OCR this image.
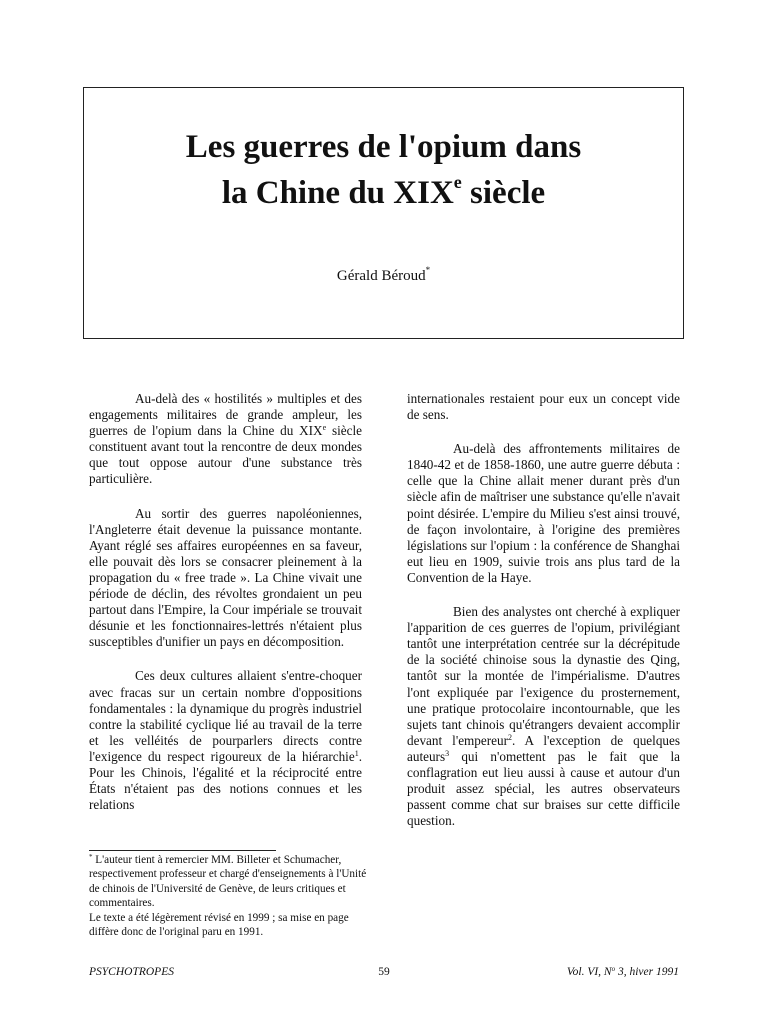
Les guerres de l'opium dans
la Chine du XIXe siècle
Gérald Béroud*

Au-delà des « hostilités » multiples et des engagements militaires de grande ampleur, les guerres de l'opium dans la Chine du XIXe siècle constituent avant tout la rencontre de deux mondes que tout oppose autour d'une substance très particulière.

Au sortir des guerres napoléoniennes, l'Angleterre était devenue la puissance montante. Ayant réglé ses affaires européennes en sa faveur, elle pouvait dès lors se consacrer pleinement à la propagation du « free trade ». La Chine vivait une période de déclin, des révoltes grondaient un peu partout dans l'Empire, la Cour impériale se trouvait désunie et les fonctionnaires-lettrés n'étaient plus susceptibles d'unifier un pays en décomposition.

Ces deux cultures allaient s'entre-choquer avec fracas sur un certain nombre d'oppositions fondamentales : la dynamique du progrès industriel contre la stabilité cyclique lié au travail de la terre et les velléités de pourparlers directs contre l'exigence du respect rigoureux de la hiérarchie$^1$. Pour les Chinois, l'égalité et la réciprocité entre États n'étaient pas des notions connues et les relations

internationales restaient pour eux un concept vide de sens.

Au-delà des affrontements militaires de 1840-42 et de 1858-1860, une autre guerre débuta : celle que la Chine allait mener durant près d'un siècle afin de maîtriser une substance qu'elle n'avait point désirée. L'empire du Milieu s'est ainsi trouvé, de façon involontaire, à l'origine des premières législations sur l'opium : la conférence de Shanghai eut lieu en 1909, suivie trois ans plus tard de la Convention de la Haye.

Bien des analystes ont cherché à expliquer l'apparition de ces guerres de l'opium, privilégiant tantôt une interprétation centrée sur la décrépitude de la société chinoise sous la dynastie des Qing, tantôt sur la montée de l'impérialisme. D'autres l'ont expliquée par l'exigence du prosternement, une pratique protocolaire incontournable, que les sujets tant chinois qu'étrangers devaient accomplir devant l'empereur$^2$. A l'exception de quelques auteurs$^3$ qui n'omettent pas le fait que la conflagration eut lieu aussi à cause et autour d'un produit assez spécial, les autres observateurs passent comme chat sur braises sur cette difficile question.

* L'auteur tient à remercier MM. Billeter et Schumacher, respectivement professeur et chargé d'enseignements à l'Unité de chinois de l'Université de Genève, de leurs critiques et commentaires.

Le texte a été légèrement révisé en 1999 ; sa mise en page diffère donc de l'original paru en 1991.

PSYCHOTROPES	59	Vol. VI, $N^o$ 3, hiver 1991
